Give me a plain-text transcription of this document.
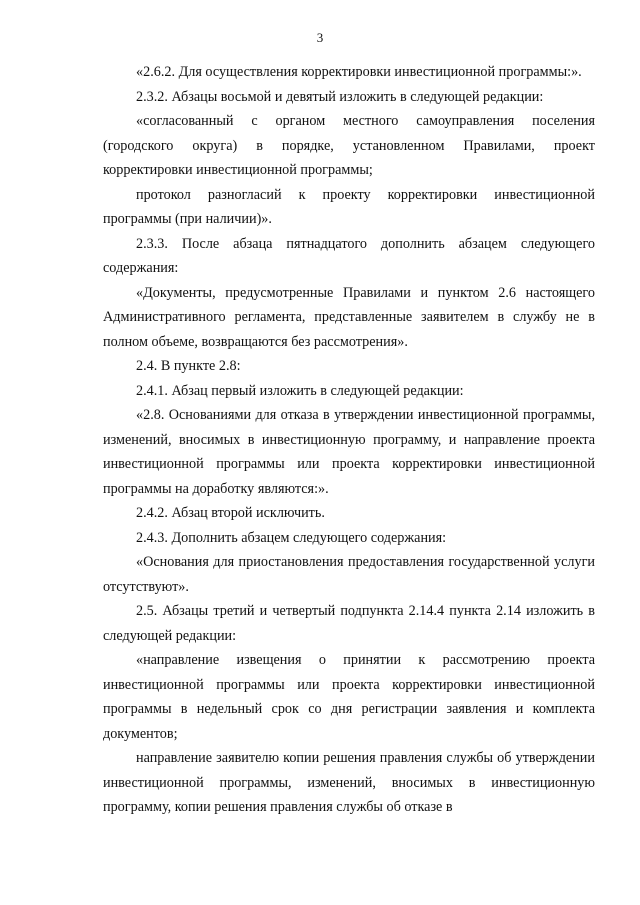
3

«2.6.2. Для осуществления корректировки инвестиционной программы:».

2.3.2. Абзацы восьмой и девятый изложить в следующей редакции:

«согласованный с органом местного самоуправления поселения (городского округа) в порядке, установленном Правилами, проект корректировки инвестиционной программы;

протокол разногласий к проекту корректировки инвестиционной программы (при наличии)».

2.3.3. После абзаца пятнадцатого дополнить абзацем следующего содержания:

«Документы, предусмотренные Правилами и пунктом 2.6 настоящего Административного регламента, представленные заявителем в службу не в полном объеме, возвращаются без рассмотрения».

2.4. В пункте 2.8:

2.4.1. Абзац первый изложить в следующей редакции:

«2.8. Основаниями для отказа в утверждении инвестиционной программы, изменений, вносимых в инвестиционную программу, и направление проекта инвестиционной программы или проекта корректировки инвестиционной программы на доработку являются:».

2.4.2. Абзац второй исключить.

2.4.3. Дополнить абзацем следующего содержания:

«Основания для приостановления предоставления государственной услуги отсутствуют».

2.5. Абзацы третий и четвертый подпункта 2.14.4 пункта 2.14 изложить в следующей редакции:

«направление извещения о принятии к рассмотрению проекта инвестиционной программы или проекта корректировки инвестиционной программы в недельный срок со дня регистрации заявления и комплекта документов;

направление заявителю копии решения правления службы об утверждении инвестиционной программы, изменений, вносимых в инвестиционную программу, копии решения правления службы об отказе в
